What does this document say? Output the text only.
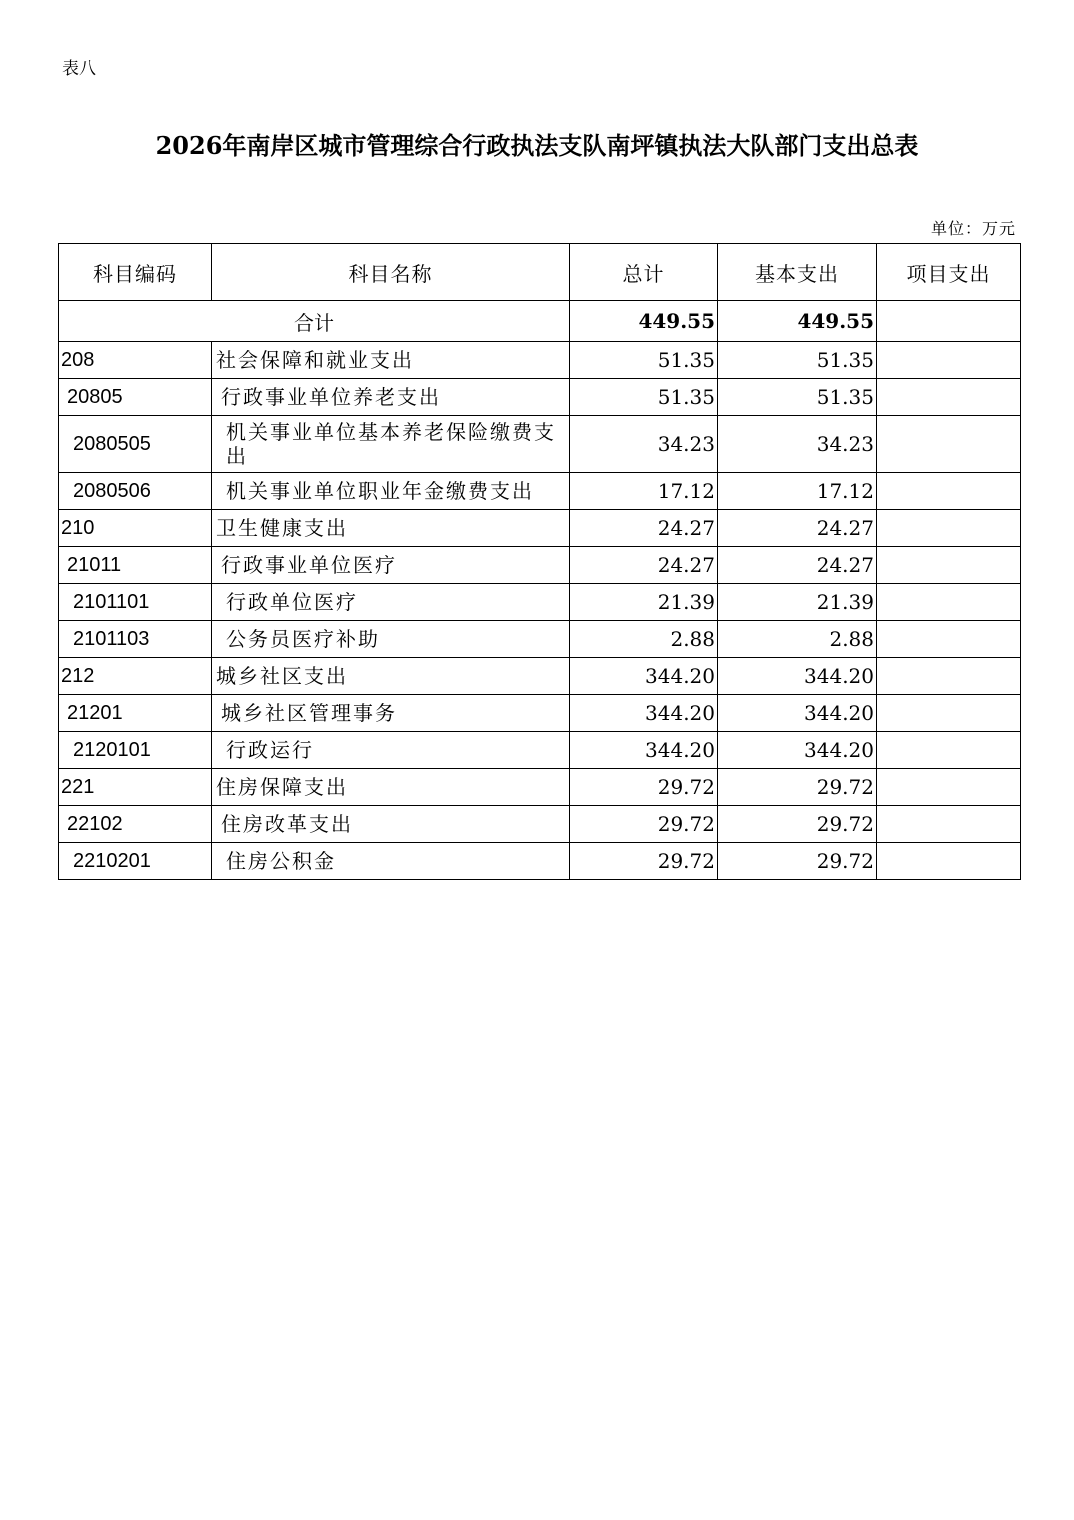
表八
2026年南岸区城市管理综合行政执法支队南坪镇执法大队部门支出总表
单位：万元
科目编码	科目名称	总计	基本支出	项目支出
合计		449.55	449.55	
208	社会保障和就业支出	51.35	51.35	
20805	行政事业单位养老支出	51.35	51.35	
2080505	机关事业单位基本养老保险缴费支出	34.23	34.23	
2080506	机关事业单位职业年金缴费支出	17.12	17.12	
210	卫生健康支出	24.27	24.27	
21011	行政事业单位医疗	24.27	24.27	
2101101	行政单位医疗	21.39	21.39	
2101103	公务员医疗补助	2.88	2.88	
212	城乡社区支出	344.20	344.20	
21201	城乡社区管理事务	344.20	344.20	
2120101	行政运行	344.20	344.20	
221	住房保障支出	29.72	29.72	
22102	住房改革支出	29.72	29.72	
2210201	住房公积金	29.72	29.72	
